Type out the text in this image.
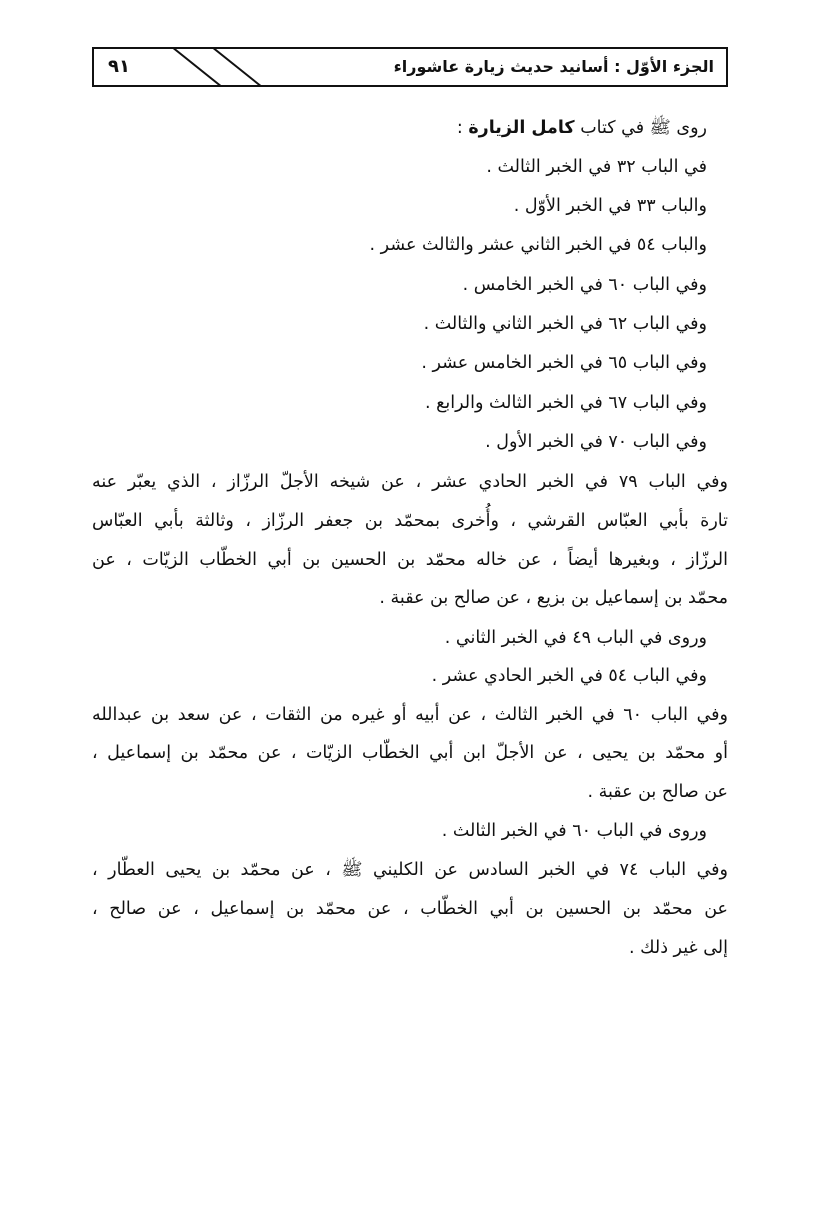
٩١	الجزء الأوّل : أسانيد حديث زيارة عاشوراء
روى ﷺ في كتاب كامل الزيارة :
في الباب ٣٢ في الخبر الثالث .
والباب ٣٣ في الخبر الأوّل .
والباب ٥٤ في الخبر الثاني عشر والثالث عشر .
وفي الباب ٦٠ في الخبر الخامس .
وفي الباب ٦٢ في الخبر الثاني والثالث .
وفي الباب ٦٥ في الخبر الخامس عشر .
وفي الباب ٦٧ في الخبر الثالث والرابع .
وفي الباب ٧٠ في الخبر الأول .
وفي الباب ٧٩ في الخبر الحادي عشر ، عن شيخه الأجلّ الرزّاز ، الذي يعبّر عنه
تارة بأبي العبّاس القرشي ، وأُخرى بمحمّد بن جعفر الرزّاز ، وثالثة بأبي العبّاس
الرزّاز ، وبغيرها أيضاً ، عن خاله محمّد بن الحسين بن أبي الخطّاب الزيّات ، عن
محمّد بن إسماعيل بن بزيع ، عن صالح بن عقبة .
وروى في الباب ٤٩ في الخبر الثاني .
وفي الباب ٥٤ في الخبر الحادي عشر .
وفي الباب ٦٠ في الخبر الثالث ، عن أبيه أو غيره من الثقات ، عن سعد بن عبدالله
أو محمّد بن يحيى ، عن الأجلّ ابن أبي الخطّاب الزيّات ، عن محمّد بن إسماعيل ،
عن صالح بن عقبة .
وروى في الباب ٦٠ في الخبر الثالث .
وفي الباب ٧٤ في الخبر السادس عن الكليني ﷺ ، عن محمّد بن يحيى العطّار ،
عن محمّد بن الحسين بن أبي الخطّاب ، عن محمّد بن إسماعيل ، عن صالح ،
إلى غير ذلك .
